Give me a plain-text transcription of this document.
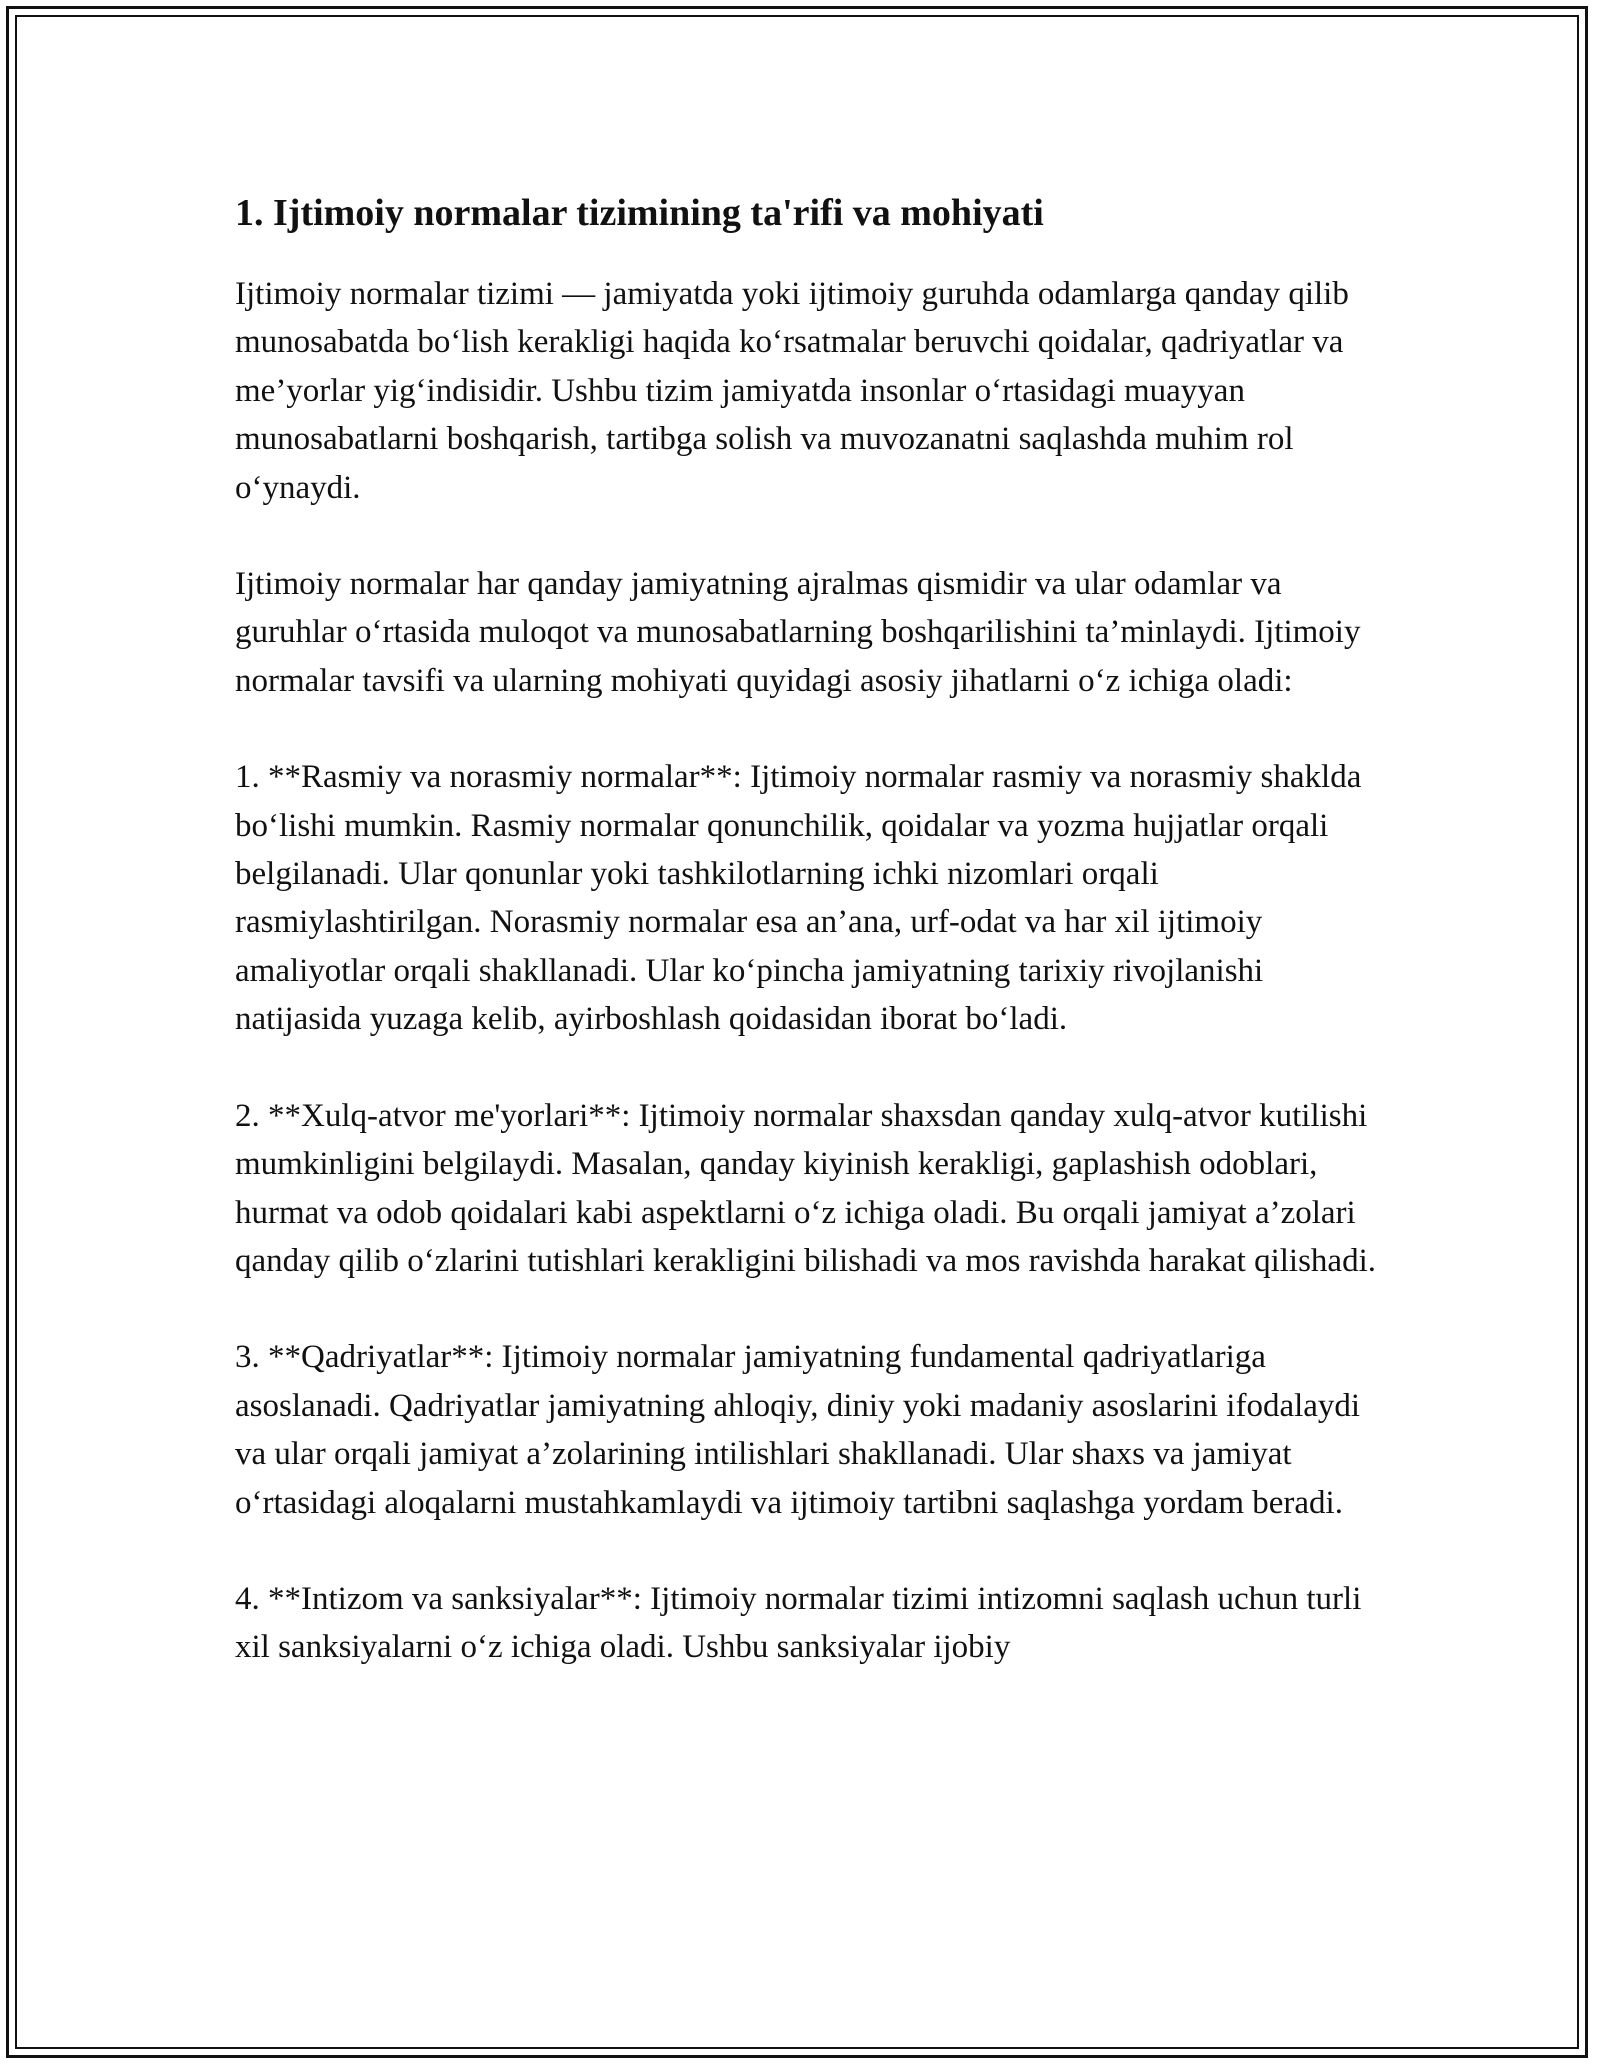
1. Ijtimoiy normalar tizimining ta'rifi va mohiyati

Ijtimoiy normalar tizimi — jamiyatda yoki ijtimoiy guruhda odamlarga qanday qilib munosabatda bo‘lish kerakligi haqida ko‘rsatmalar beruvchi qoidalar, qadriyatlar va me’yorlar yig‘indisidir. Ushbu tizim jamiyatda insonlar o‘rtasidagi muayyan munosabatlarni boshqarish, tartibga solish va muvozanatni saqlashda muhim rol o‘ynaydi.

Ijtimoiy normalar har qanday jamiyatning ajralmas qismidir va ular odamlar va guruhlar o‘rtasida muloqot va munosabatlarning boshqarilishini ta’minlaydi. Ijtimoiy normalar tavsifi va ularning mohiyati quyidagi asosiy jihatlarni o‘z ichiga oladi:

1. **Rasmiy va norasmiy normalar**: Ijtimoiy normalar rasmiy va norasmiy shaklda bo‘lishi mumkin. Rasmiy normalar qonunchilik, qoidalar va yozma hujjatlar orqali belgilanadi. Ular qonunlar yoki tashkilotlarning ichki nizomlari orqali rasmiylashtirilgan. Norasmiy normalar esa an’ana, urf-odat va har xil ijtimoiy amaliyotlar orqali shakllanadi. Ular ko‘pincha jamiyatning tarixiy rivojlanishi natijasida yuzaga kelib, ayirboshlash qoidasidan iborat bo‘ladi.

2. **Xulq-atvor me'yorlari**: Ijtimoiy normalar shaxsdan qanday xulq-atvor kutilishi mumkinligini belgilaydi. Masalan, qanday kiyinish kerakligi, gaplashish odoblari, hurmat va odob qoidalari kabi aspektlarni o‘z ichiga oladi. Bu orqali jamiyat a’zolari qanday qilib o‘zlarini tutishlari kerakligini bilishadi va mos ravishda harakat qilishadi.

3. **Qadriyatlar**: Ijtimoiy normalar jamiyatning fundamental qadriyatlariga asoslanadi. Qadriyatlar jamiyatning ahloqiy, diniy yoki madaniy asoslarini ifodalaydi va ular orqali jamiyat a’zolarining intilishlari shakllanadi. Ular shaxs va jamiyat o‘rtasidagi aloqalarni mustahkamlaydi va ijtimoiy tartibni saqlashga yordam beradi.

4. **Intizom va sanksiyalar**: Ijtimoiy normalar tizimi intizomni saqlash uchun turli xil sanksiyalarni o‘z ichiga oladi. Ushbu sanksiyalar ijobiy
